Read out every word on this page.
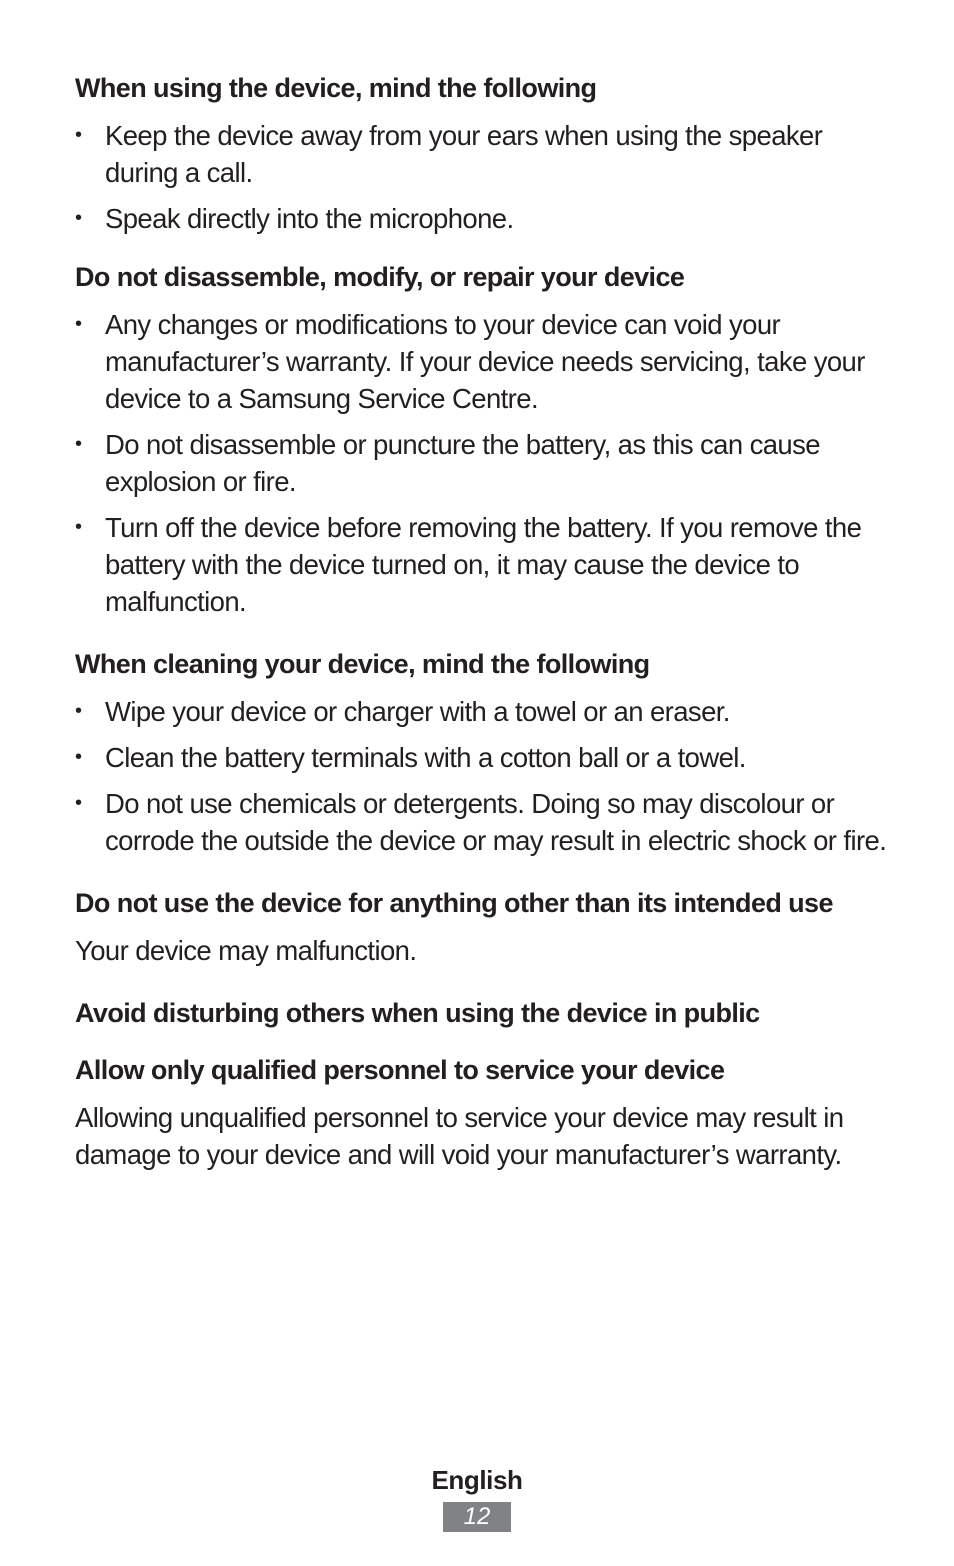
When using the device, mind the following
• Keep the device away from your ears when using the speaker during a call.
• Speak directly into the microphone.
Do not disassemble, modify, or repair your device
• Any changes or modifications to your device can void your manufacturer’s warranty. If your device needs servicing, take your device to a Samsung Service Centre.
• Do not disassemble or puncture the battery, as this can cause explosion or fire.
• Turn off the device before removing the battery. If you remove the battery with the device turned on, it may cause the device to malfunction.
When cleaning your device, mind the following
• Wipe your device or charger with a towel or an eraser.
• Clean the battery terminals with a cotton ball or a towel.
• Do not use chemicals or detergents. Doing so may discolour or corrode the outside the device or may result in electric shock or fire.
Do not use the device for anything other than its intended use

Your device may malfunction.

Avoid disturbing others when using the device in public
Allow only qualified personnel to service your device

Allowing unqualified personnel to service your device may result in damage to your device and will void your manufacturer’s warranty.

English
12
